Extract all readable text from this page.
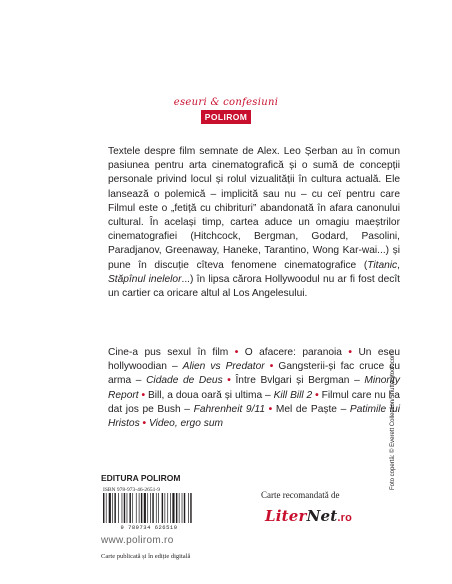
eseuri & confesiuni
POLIROM

Textele despre film semnate de Alex. Leo Șerban au în comun pasiunea pentru arta cinematografică și o sumă de concepții personale privind locul și rolul vizualității în cultura actuală. Ele lansează o polemică – implicită sau nu – cu ceï pentru care Filmul este o „fetiță cu chibrituri” abandonată în afara canonului cultural. În același timp, cartea aduce un omagiu maeștrilor cinematografiei (Hitchcock, Bergman, Godard, Pasolini, Paradjanov, Greenaway, Haneke, Tarantino, Wong Kar-wai...) și pune în discuție cîteva fenomene cinematografice (Titanic, Stăpînul inelelor...) în lipsa cărora Hollywoodul nu ar fi fost decît un cartier ca oricare altul al Los Angelesului.

Cine-a pus sexul în film • O afacere: paranoia • Un eseu hollywoodian – Alien vs Predator • Gangsterii-și fac cruce cu arma – Cidade de Deus • Între Bvlgari și Bergman – Minority Report • Bill, a doua oară și ultima – Kill Bill 2 • Filmul care nu l-a dat jos pe Bush – Fahrenheit 9/11 • Mel de Paște – Patimile lui Hristos • Video, ergo sum	Foto copertă: © Everett Collection/Shutterstock.com
EDITURA POLIROM
ISBN 978-973-46-2651-9
9 789734 626519
www.polirom.ro
Carte publicată și în ediție digitală
Carte recomandată de
LiterNet.ro
